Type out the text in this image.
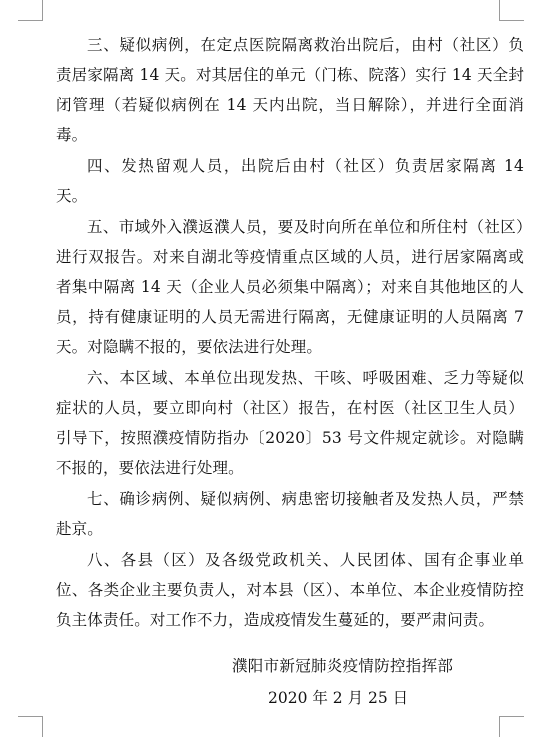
三、疑似病例，在定点医院隔离救治出院后，由村（社区）负责居家隔离 14 天。对其居住的单元（门栋、院落）实行 14 天全封闭管理（若疑似病例在 14 天内出院，当日解除），并进行全面消毒。

四、发热留观人员，出院后由村（社区）负责居家隔离 14 天。

五、市域外入濮返濮人员，要及时向所在单位和所住村（社区）进行双报告。对来自湖北等疫情重点区域的人员，进行居家隔离或者集中隔离 14 天（企业人员必须集中隔离）；对来自其他地区的人员，持有健康证明的人员无需进行隔离，无健康证明的人员隔离 7 天。对隐瞒不报的，要依法进行处理。

六、本区域、本单位出现发热、干咳、呼吸困难、乏力等疑似症状的人员，要立即向村（社区）报告，在村医（社区卫生人员）引导下，按照濮疫情防指办〔2020〕53 号文件规定就诊。对隐瞒不报的，要依法进行处理。

七、确诊病例、疑似病例、病患密切接触者及发热人员，严禁赴京。

八、各县（区）及各级党政机关、人民团体、国有企事业单位、各类企业主要负责人，对本县（区）、本单位、本企业疫情防控负主体责任。对工作不力，造成疫情发生蔓延的，要严肃问责。

濮阳市新冠肺炎疫情防控指挥部
2020 年 2 月 25 日
